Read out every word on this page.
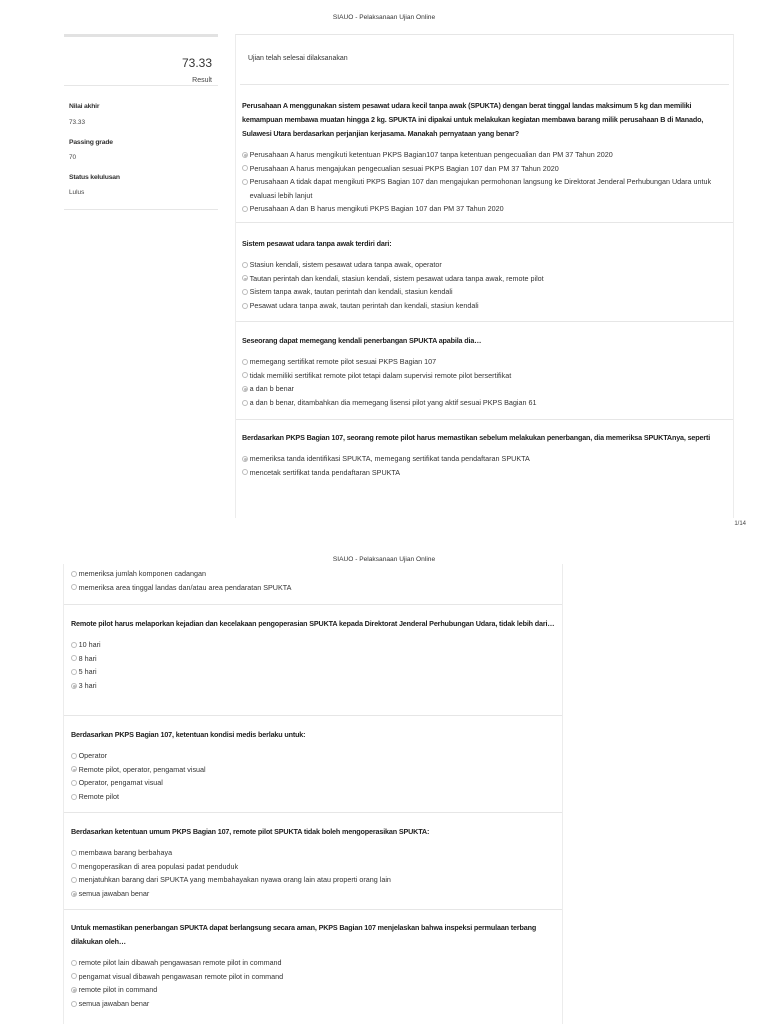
SIAUO - Pelaksanaan Ujian Online
73.33
Result
Nilai akhir
73.33
Passing grade
70
Status kelulusan
Lulus
Ujian telah selesai dilaksanakan
Perusahaan A menggunakan sistem pesawat udara kecil tanpa awak (SPUKTA) dengan berat tinggal landas maksimum 5 kg dan memiliki kemampuan membawa muatan hingga 2 kg. SPUKTA ini dipakai untuk melakukan kegiatan membawa barang milik perusahaan B di Manado, Sulawesi Utara berdasarkan perjanjian kerjasama. Manakah pernyataan yang benar?
Perusahaan A harus mengikuti ketentuan PKPS Bagian107 tanpa ketentuan pengecualian dan PM 37 Tahun 2020
Perusahaan A harus mengajukan pengecualian sesuai PKPS Bagian 107 dan PM 37 Tahun 2020
Perusahaan A tidak dapat mengikuti PKPS Bagian 107 dan mengajukan permohonan langsung ke Direktorat Jenderal Perhubungan Udara untuk evaluasi lebih lanjut
Perusahaan A dan B harus mengikuti PKPS Bagian 107 dan PM 37 Tahun 2020
Sistem pesawat udara tanpa awak terdiri dari:
Stasiun kendali, sistem pesawat udara tanpa awak, operator
Tautan perintah dan kendali, stasiun kendali, sistem pesawat udara tanpa awak, remote pilot
Sistem tanpa awak, tautan perintah dan kendali, stasiun kendali
Pesawat udara tanpa awak, tautan perintah dan kendali, stasiun kendali
Seseorang dapat memegang kendali penerbangan SPUKTA apabila dia…
memegang sertifikat remote pilot sesuai PKPS Bagian 107
tidak memiliki sertifikat remote pilot tetapi dalam supervisi remote pilot bersertifikat
a dan b benar
a dan b benar, ditambahkan dia memegang lisensi pilot yang aktif sesuai PKPS Bagian 61
Berdasarkan PKPS Bagian 107, seorang remote pilot harus memastikan sebelum melakukan penerbangan, dia memeriksa SPUKTAnya, seperti
memeriksa tanda identifikasi SPUKTA, memegang sertifikat tanda pendaftaran SPUKTA
mencetak sertifikat tanda pendaftaran SPUKTA
1/14
SIAUO - Pelaksanaan Ujian Online
memeriksa jumlah komponen cadangan
memeriksa area tinggal landas dan/atau area pendaratan SPUKTA
Remote pilot harus melaporkan kejadian dan kecelakaan pengoperasian SPUKTA kepada Direktorat Jenderal Perhubungan Udara, tidak lebih dari…
10 hari
8 hari
5 hari
3 hari
Berdasarkan PKPS Bagian 107, ketentuan kondisi medis berlaku untuk:
Operator
Remote pilot, operator, pengamat visual
Operator, pengamat visual
Remote pilot
Berdasarkan ketentuan umum PKPS Bagian 107, remote pilot SPUKTA tidak boleh mengoperasikan SPUKTA:
membawa barang berbahaya
mengoperasikan di area populasi padat penduduk
menjatuhkan barang dari SPUKTA yang membahayakan nyawa orang lain atau properti orang lain
semua jawaban benar
Untuk memastikan penerbangan SPUKTA dapat berlangsung secara aman, PKPS Bagian 107 menjelaskan bahwa inspeksi permulaan terbang dilakukan oleh…
remote pilot lain dibawah pengawasan remote pilot in command
pengamat visual dibawah pengawasan remote pilot in command
remote pilot in command
semua jawaban benar
